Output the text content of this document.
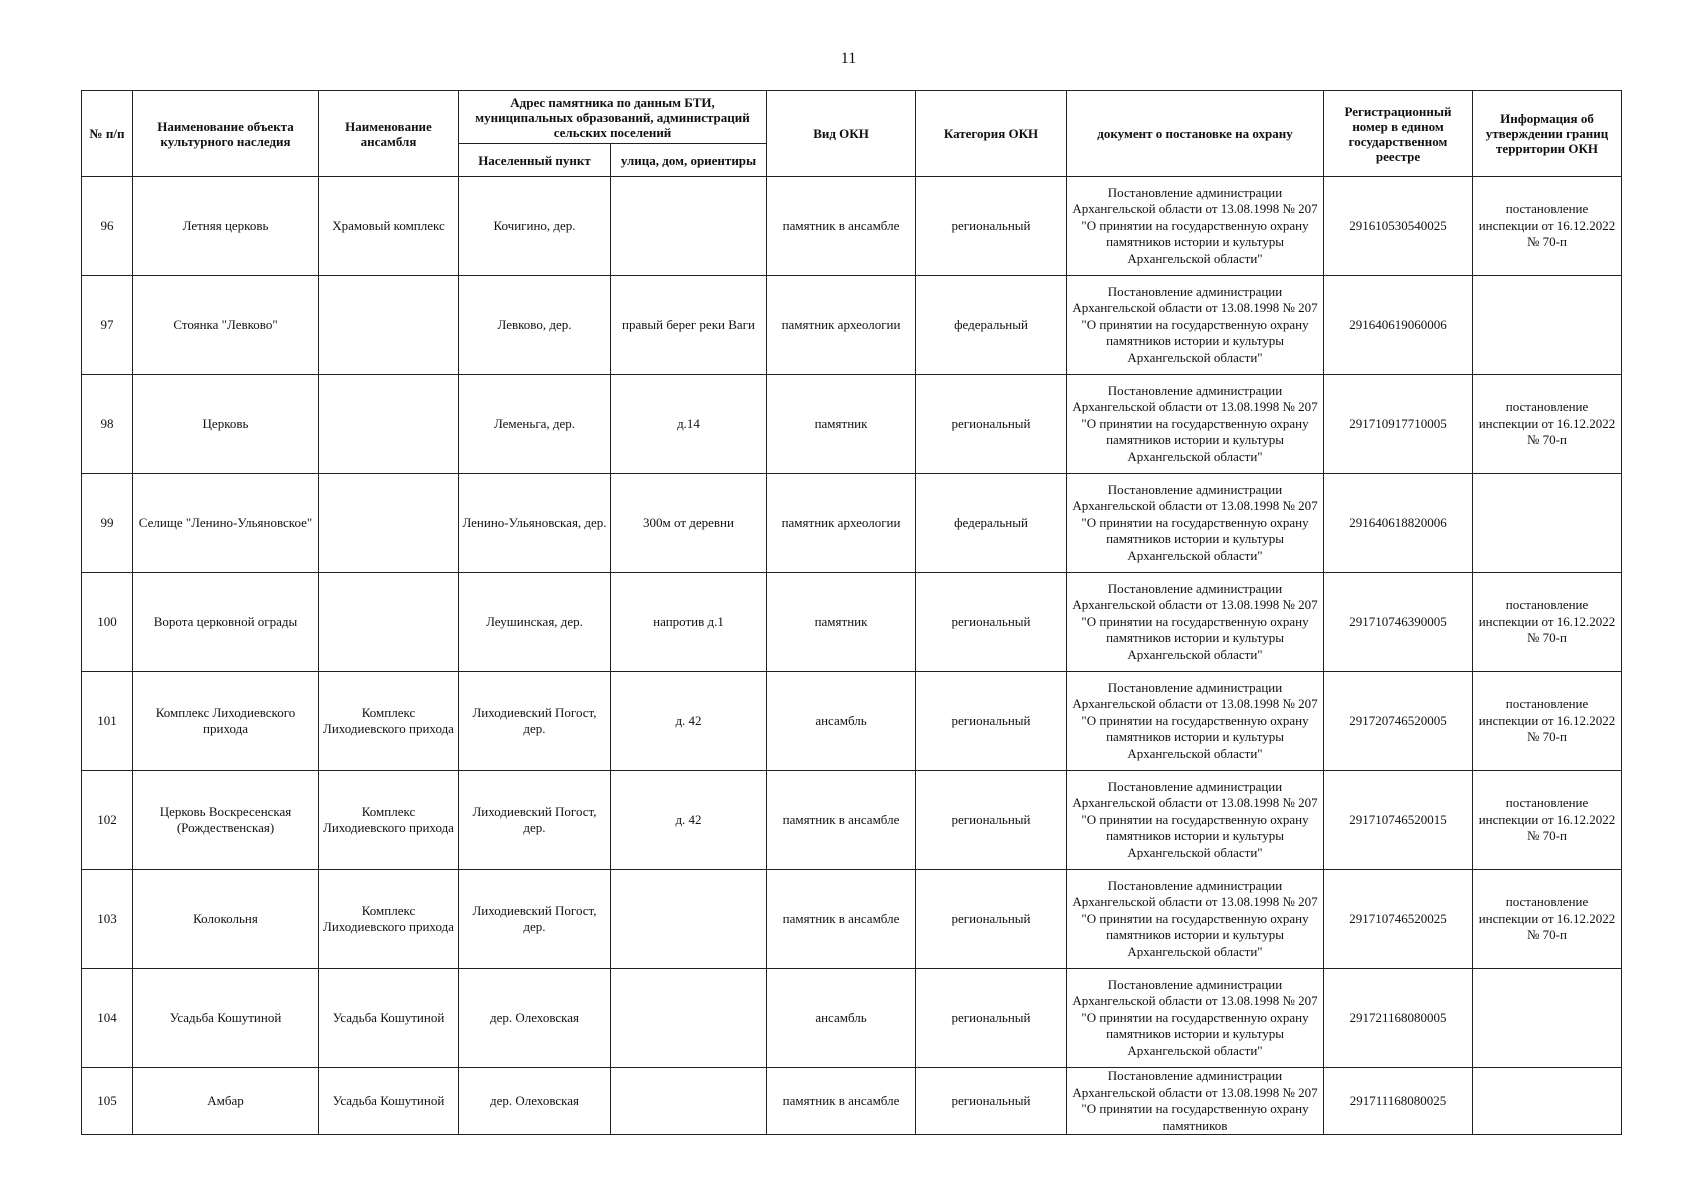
11
№ п/п	Наименование объекта культурного наследия	Наименование ансамбля	Адрес памятника по данным БТИ, муниципальных образований, администраций сельских поселений		Вид ОКН	Категория ОКН	документ о постановке на охрану	Регистрационный номер в едином государственном реестре	Информация об утверждении границ территории ОКН
			Населенный пункт	улица, дом, ориентиры					
96	Летняя церковь	Храмовый комплекс	Кочигино, дер.		памятник в ансамбле	региональный	Постановление администрации Архангельской области от 13.08.1998 № 207 "О принятии на государственную охрану памятников истории и культуры Архангельской области"	291610530540025	постановление инспекции от 16.12.2022 № 70-п
97	Стоянка "Левково"		Левково, дер.	правый берег реки Ваги	памятник археологии	федеральный	Постановление администрации Архангельской области от 13.08.1998 № 207 "О принятии на государственную охрану памятников истории и культуры Архангельской области"	291640619060006	
98	Церковь		Леменьга, дер.	д.14	памятник	региональный	Постановление администрации Архангельской области от 13.08.1998 № 207 "О принятии на государственную охрану памятников истории и культуры Архангельской области"	291710917710005	постановление инспекции от 16.12.2022 № 70-п
99	Селище "Ленино-Ульяновское"		Ленино-Ульяновская, дер.	300м от деревни	памятник археологии	федеральный	Постановление администрации Архангельской области от 13.08.1998 № 207 "О принятии на государственную охрану памятников истории и культуры Архангельской области"	291640618820006	
100	Ворота церковной ограды		Леушинская, дер.	напротив д.1	памятник	региональный	Постановление администрации Архангельской области от 13.08.1998 № 207 "О принятии на государственную охрану памятников истории и культуры Архангельской области"	291710746390005	постановление инспекции от 16.12.2022 № 70-п
101	Комплекс Лиходиевского прихода	Комплекс Лиходиевского прихода	Лиходиевский Погост, дер.	д. 42	ансамбль	региональный	Постановление администрации Архангельской области от 13.08.1998 № 207 "О принятии на государственную охрану памятников истории и культуры Архангельской области"	291720746520005	постановление инспекции от 16.12.2022 № 70-п
102	Церковь Воскресенская (Рождественская)	Комплекс Лиходиевского прихода	Лиходиевский Погост, дер.	д. 42	памятник в ансамбле	региональный	Постановление администрации Архангельской области от 13.08.1998 № 207 "О принятии на государственную охрану памятников истории и культуры Архангельской области"	291710746520015	постановление инспекции от 16.12.2022 № 70-п
103	Колокольня	Комплекс Лиходиевского прихода	Лиходиевский Погост, дер.		памятник в ансамбле	региональный	Постановление администрации Архангельской области от 13.08.1998 № 207 "О принятии на государственную охрану памятников истории и культуры Архангельской области"	291710746520025	постановление инспекции от 16.12.2022 № 70-п
104	Усадьба Кошутиной	Усадьба Кошутиной	дер. Олеховская		ансамбль	региональный	Постановление администрации Архангельской области от 13.08.1998 № 207 "О принятии на государственную охрану памятников истории и культуры Архангельской области"	291721168080005	
105	Амбар	Усадьба Кошутиной	дер. Олеховская		памятник в ансамбле	региональный	Постановление администрации Архангельской области от 13.08.1998 № 207 "О принятии на государственную охрану памятников	291711168080025	
